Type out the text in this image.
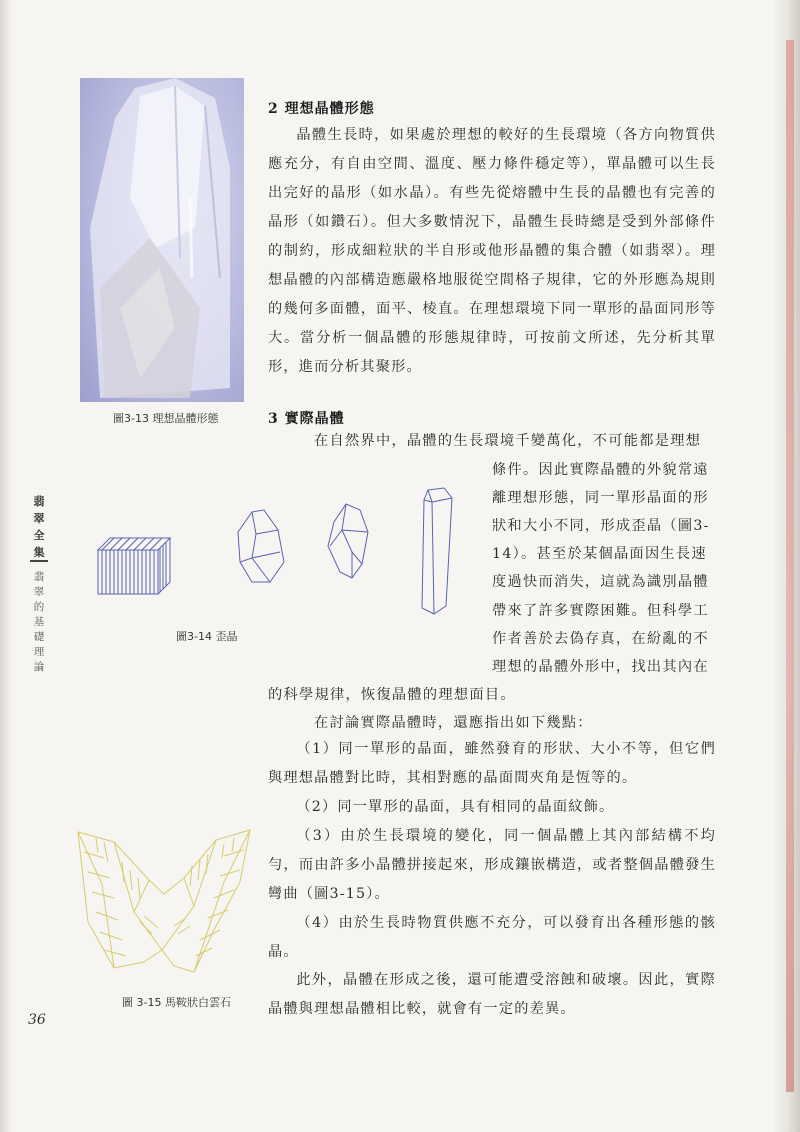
圖3-13 理想晶體形態
2 理想晶體形態
晶體生長時，如果處於理想的較好的生長環境（各方向物質供應充分，有自由空間、溫度、壓力條件穩定等），單晶體可以生長出完好的晶形（如水晶）。有些先從熔體中生長的晶體也有完善的晶形（如鑽石）。但大多數情況下，晶體生長時總是受到外部條件的制約，形成細粒狀的半自形或他形晶體的集合體（如翡翠）。理想晶體的內部構造應嚴格地服從空間格子規律，它的外形應為規則的幾何多面體，面平、棱直。在理想環境下同一單形的晶面同形等大。當分析一個晶體的形態規律時，可按前文所述，先分析其單形，進而分析其聚形。
3 實際晶體
在自然界中，晶體的生長環境千變萬化，不可能都是理想
條件。因此實際晶體的外貌常遠
離理想形態，同一單形晶面的形
狀和大小不同，形成歪晶（圖3-
14）。甚至於某個晶面因生長速
度過快而消失，這就為識別晶體
帶來了許多實際困難。但科學工
作者善於去偽存真，在紛亂的不
理想的晶體外形中，找出其內在
的科學規律，恢復晶體的理想面目。
在討論實際晶體時，還應指出如下幾點：
（1）同一單形的晶面，雖然發育的形狀、大小不等，但它們與理想晶體對比時，其相對應的晶面間夾角是恆等的。
（2）同一單形的晶面，具有相同的晶面紋飾。
（3）由於生長環境的變化，同一個晶體上其內部結構不均勻，而由許多小晶體拼接起來，形成鑲嵌構造，或者整個晶體發生彎曲（圖3-15）。
（4）由於生長時物質供應不充分，可以發育出各種形態的骸晶。
此外，晶體在形成之後，還可能遭受溶蝕和破壞。因此，實際晶體與理想晶體相比較，就會有一定的差異。
圖3-14 歪晶
圖 3-15 馬鞍狀白雲石
翡翠全集
翡翠的基礎理論
36
